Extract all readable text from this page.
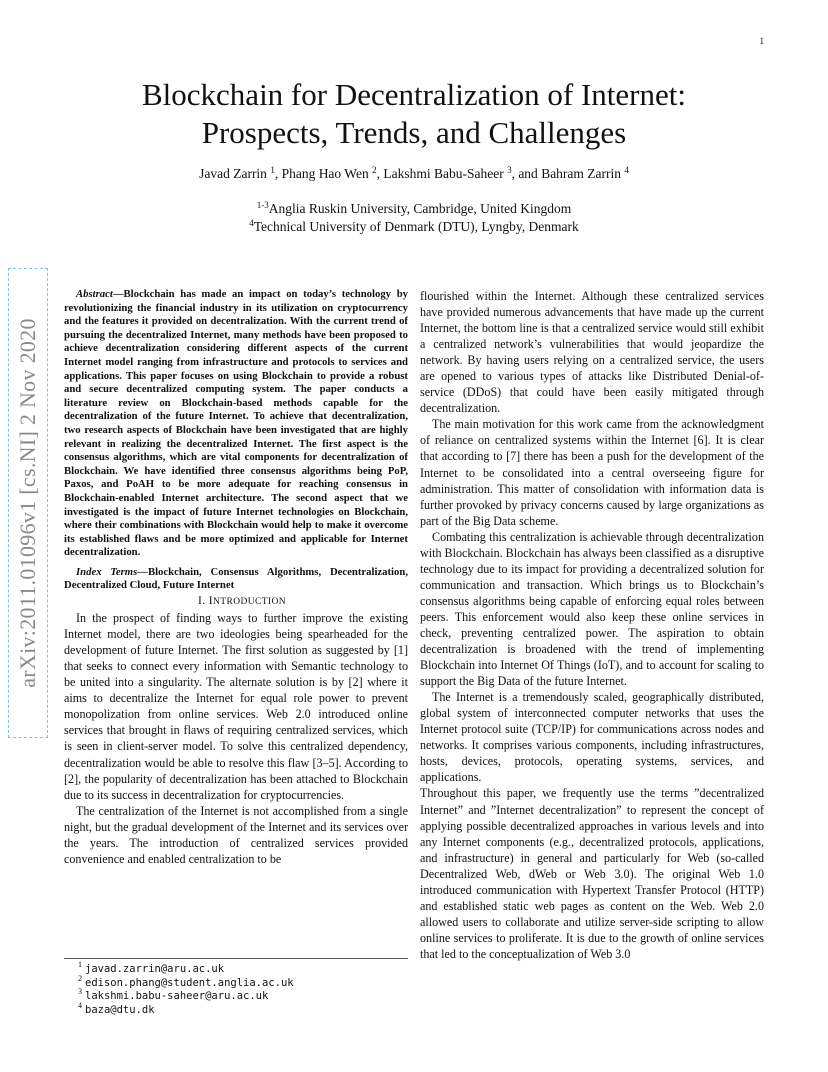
1
arXiv:2011.01096v1 [cs.NI] 2 Nov 2020
Blockchain for Decentralization of Internet:
Prospects, Trends, and Challenges
Javad Zarrin $^1$, Phang Hao Wen $^2$, Lakshmi Babu-Saheer $^3$, and Bahram Zarrin $^4$
$^{1-3}$Anglia Ruskin University, Cambridge, United Kingdom
$^4$Technical University of Denmark (DTU), Lyngby, Denmark

Abstract—Blockchain has made an impact on today’s technology by revolutionizing the financial industry in its utilization on cryptocurrency and the features it provided on decentralization. With the current trend of pursuing the decentralized Internet, many methods have been proposed to achieve decentralization considering different aspects of the current Internet model ranging from infrastructure and protocols to services and applications. This paper focuses on using Blockchain to provide a robust and secure decentralized computing system. The paper conducts a literature review on Blockchain-based methods capable for the decentralization of the future Internet. To achieve that decentralization, two research aspects of Blockchain have been investigated that are highly relevant in realizing the decentralized Internet. The first aspect is the consensus algorithms, which are vital components for decentralization of Blockchain. We have identified three consensus algorithms being PoP, Paxos, and PoAH to be more adequate for reaching consensus in Blockchain-enabled Internet architecture. The second aspect that we investigated is the impact of future Internet technologies on Blockchain, where their combinations with Blockchain would help to make it overcome its established flaws and be more optimized and applicable for Internet decentralization.

Index Terms—Blockchain, Consensus Algorithms, Decentralization, Decentralized Cloud, Future Internet

I. INTRODUCTION

In the prospect of finding ways to further improve the existing Internet model, there are two ideologies being spearheaded for the development of future Internet. The first solution as suggested by [1] that seeks to connect every information with Semantic technology to be united into a singularity. The alternate solution is by [2] where it aims to decentralize the Internet for equal role power to prevent monopolization from online services. Web 2.0 introduced online services that brought in flaws of requiring centralized services, which is seen in client-server model. To solve this centralized dependency, decentralization would be able to resolve this flaw [3–5]. According to [2], the popularity of decentralization has been attached to Blockchain due to its success in decentralization for cryptocurrencies.

The centralization of the Internet is not accomplished from a single night, but the gradual development of the Internet and its services over the years. The introduction of centralized services provided convenience and enabled centralization to be

flourished within the Internet. Although these centralized services have provided numerous advancements that have made up the current Internet, the bottom line is that a centralized service would still exhibit a centralized network’s vulnerabilities that would jeopardize the network. By having users relying on a centralized service, the users are opened to various types of attacks like Distributed Denial-of-service (DDoS) that could have been easily mitigated through decentralization.

The main motivation for this work came from the acknowledgment of reliance on centralized systems within the Internet [6]. It is clear that according to [7] there has been a push for the development of the Internet to be consolidated into a central overseeing figure for administration. This matter of consolidation with information data is further provoked by privacy concerns caused by large organizations as part of the Big Data scheme.

Combating this centralization is achievable through decentralization with Blockchain. Blockchain has always been classified as a disruptive technology due to its impact for providing a decentralized solution for communication and transaction. Which brings us to Blockchain’s consensus algorithms being capable of enforcing equal roles between peers. This enforcement would also keep these online services in check, preventing centralized power. The aspiration to obtain decentralization is broadened with the trend of implementing Blockchain into Internet Of Things (IoT), and to account for scaling to support the Big Data of the future Internet.

The Internet is a tremendously scaled, geographically distributed, global system of interconnected computer networks that uses the Internet protocol suite (TCP/IP) for communications across nodes and networks. It comprises various components, including infrastructures, hosts, devices, protocols, operating systems, services, and applications.

Throughout this paper, we frequently use the terms ”decentralized Internet” and ”Internet decentralization” to represent the concept of applying possible decentralized approaches in various levels and into any Internet components (e.g., decentralized protocols, applications, and infrastructure) in general and particularly for Web (so-called Decentralized Web, dWeb or Web 3.0). The original Web 1.0 introduced communication with Hypertext Transfer Protocol (HTTP) and established static web pages as content on the Web. Web 2.0 allowed users to collaborate and utilize server-side scripting to allow online services to proliferate. It is due to the growth of online services that led to the conceptualization of Web 3.0

$^1$ javad.zarrin@aru.ac.uk
$^2$ edison.phang@student.anglia.ac.uk
$^3$ lakshmi.babu-saheer@aru.ac.uk
$^4$ baza@dtu.dk
